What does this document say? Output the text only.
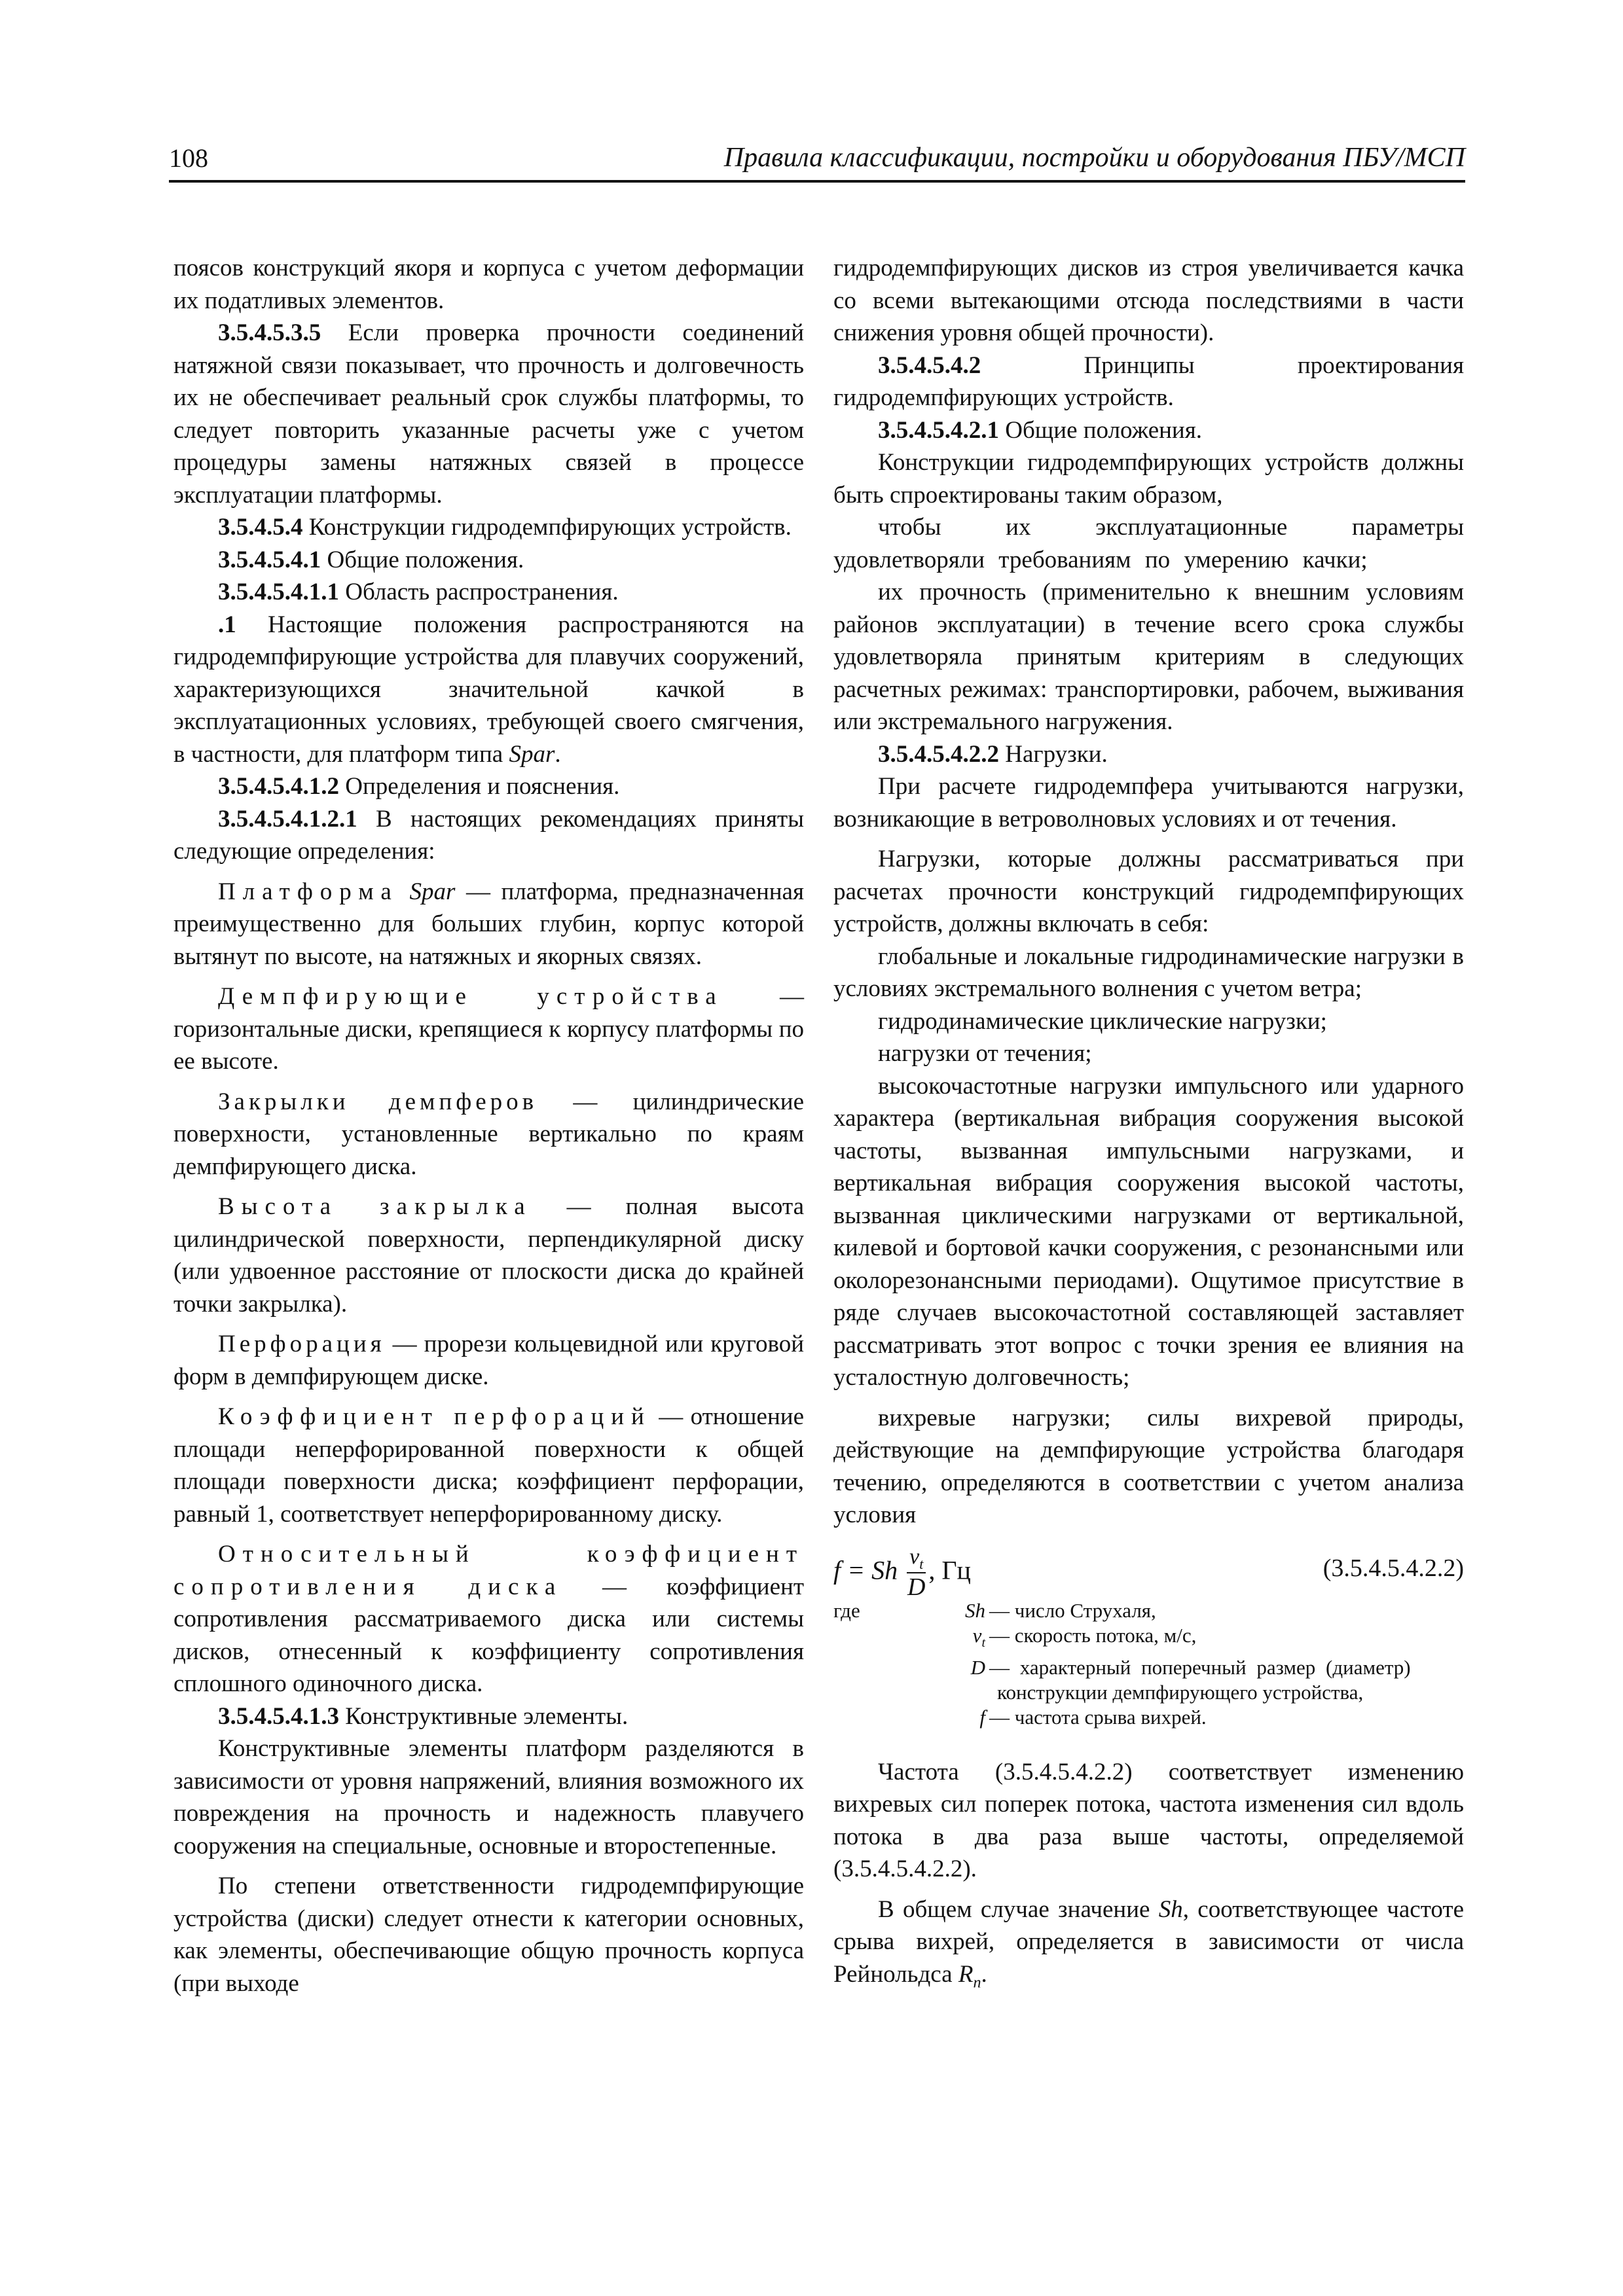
108	Правила классификации, постройки и оборудования ПБУ/МСП

поясов конструкций якоря и корпуса с учетом деформации их податливых элементов.

3.5.4.5.3.5 Если проверка прочности соединений натяжной связи показывает, что прочность и долговечность их не обеспечивает реальный срок службы платформы, то следует повторить указанные расчеты уже с учетом процедуры замены натяжных связей в процессе эксплуатации платформы.

3.5.4.5.4 Конструкции гидродемпфирующих устройств.

3.5.4.5.4.1 Общие положения.

3.5.4.5.4.1.1 Область распространения.

.1 Настоящие положения распространяются на гидродемпфирующие устройства для плавучих сооружений, характеризующихся значительной качкой в эксплуатационных условиях, требующей своего смягчения, в частности, для платформ типа Spar.

3.5.4.5.4.1.2 Определения и пояснения.

3.5.4.5.4.1.2.1 В настоящих рекомендациях приняты следующие определения:

Платформа Spar — платформа, предназначенная преимущественно для больших глубин, корпус которой вытянут по высоте, на натяжных и якорных связях.

Демпфирующие устройства — горизонтальные диски, крепящиеся к корпусу платформы по ее высоте.

Закрылки демпферов — цилиндрические поверхности, установленные вертикально по краям демпфирующего диска.

Высота закрылка — полная высота цилиндрической поверхности, перпендикулярной диску (или удвоенное расстояние от плоскости диска до крайней точки закрылка).

Перфорация — прорези кольцевидной или круговой форм в демпфирующем диске.

Коэффициент перфораций — отношение площади неперфорированной поверхности к общей площади поверхности диска; коэффициент перфорации, равный 1, соответствует неперфорированному диску.

Относительный коэффициент сопротивления диска — коэффициент сопротивления рассматриваемого диска или системы дисков, отнесенный к коэффициенту сопротивления сплошного одиночного диска.

3.5.4.5.4.1.3 Конструктивные элементы.

Конструктивные элементы платформ разделяются в зависимости от уровня напряжений, влияния возможного их повреждения на прочность и надежность плавучего сооружения на специальные, основные и второстепенные.

По степени ответственности гидродемпфирующие устройства (диски) следует отнести к категории основных, как элементы, обеспечивающие общую прочность корпуса (при выходе

гидродемпфирующих дисков из строя увеличивается качка со всеми вытекающими отсюда последствиями в части снижения уровня общей прочности).

3.5.4.5.4.2 Принципы проектирования гидродемпфирующих устройств.

3.5.4.5.4.2.1 Общие положения.

Конструкции гидродемпфирующих устройств должны быть спроектированы таким образом,

чтобы их эксплуатационные параметры удовлетворяли требованиям по умерению качки;

их прочность (применительно к внешним условиям районов эксплуатации) в течение всего срока службы удовлетворяла принятым критериям в следующих расчетных режимах: транспортировки, рабочем, выживания или экстремального нагружения.

3.5.4.5.4.2.2 Нагрузки.

При расчете гидродемпфера учитываются нагрузки, возникающие в ветроволновых условиях и от течения.

Нагрузки, которые должны рассматриваться при расчетах прочности конструкций гидродемпфирующих устройств, должны включать в себя:

глобальные и локальные гидродинамические нагрузки в условиях экстремального волнения с учетом ветра;

гидродинамические циклические нагрузки;

нагрузки от течения;

высокочастотные нагрузки импульсного или ударного характера (вертикальная вибрация сооружения высокой частоты, вызванная импульсными нагрузками, и вертикальная вибрация сооружения высокой частоты, вызванная циклическими нагрузками от вертикальной, килевой и бортовой качки сооружения, с резонансными или околорезонансными периодами). Ощутимое присутствие в ряде случаев высокочастотной составляющей заставляет рассматривать этот вопрос с точки зрения ее влияния на усталостную долговечность;

вихревые нагрузки; силы вихревой природы, действующие на демпфирующие устройства благодаря течению, определяются в соответствии с учетом анализа условия

f = Sh $\frac{v_t}{D}$ , Гц	(3.5.4.5.4.2.2)
где	Sh — число Струхаля,
$v_t$ — скорость потока, м/с,
D — характерный поперечный размер (диаметр)
конструкции демпфирующего устройства,
f — частота срыва вихрей.

Частота (3.5.4.5.4.2.2) соответствует изменению вихревых сил поперек потока, частота изменения сил вдоль потока в два раза выше частоты, определяемой (3.5.4.5.4.2.2).

В общем случае значение Sh, соответствующее частоте срыва вихрей, определяется в зависимости от числа Рейнольдса $R_n$.
